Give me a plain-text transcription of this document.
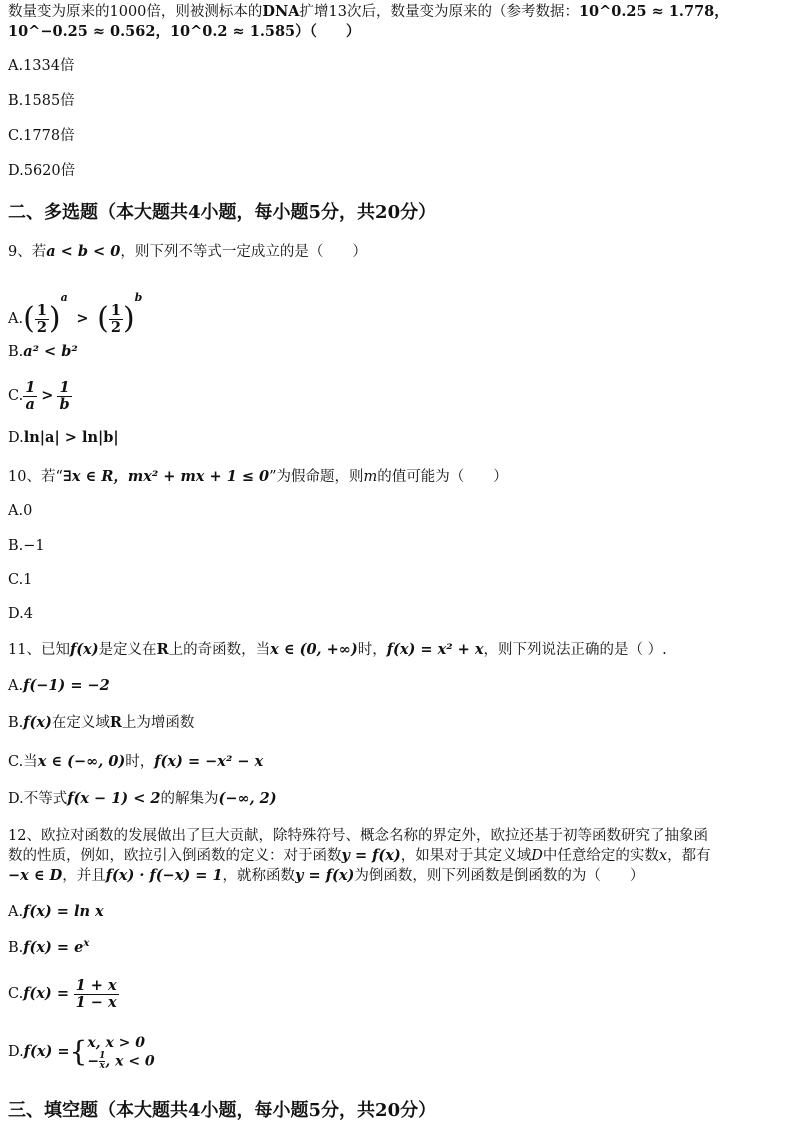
数量变为原来的1000倍，则被测标本的DNA扩增13次后，数量变为原来的（参考数据：10^0.25 ≈ 1.778，
10^−0.25 ≈ 0.562，10^0.2 ≈ 1.585）（　　）
A.1334倍
B.1585倍
C.1778倍
D.5620倍
二、多选题（本大题共4小题，每小题5分，共20分）
9、若a < b < 0，则下列不等式一定成立的是（　　）
$A.( \frac{1}{2} )^a$ > ( $\frac{1}{2} )^b$
B.a² < b²
C. $\frac{1}{a} > \frac{1}{b}$
D.ln|a| > ln|b|
10、若“∃x ∈ R，mx² + mx + 1 ≤ 0”为假命题，则m的值可能为（　　）
A.0
B.−1
C.1
D.4
11、已知f(x)是定义在R上的奇函数，当x ∈ (0, +∞)时，f(x) = x² + x，则下列说法正确的是（ ）.
A.f(−1) = −2
B.f(x)在定义域R上为增函数
C.当x ∈ (−∞, 0)时，f(x) = −x² − x
D.不等式f(x − 1) < 2的解集为(−∞, 2)
12、欧拉对函数的发展做出了巨大贡献，除特殊符号、概念名称的界定外，欧拉还基于初等函数研究了抽象函
数的性质，例如，欧拉引入倒函数的定义：对于函数y = f(x)，如果对于其定义域D中任意给定的实数x，都有
−x ∈ D，并且f(x) · f(−x) = 1，就称函数y = f(x)为倒函数，则下列函数是倒函数的为（　　）
A.f(x) = ln x
$B.f(x) = e^x$
$C.f(x) = \frac{1 + x}{1 - x}$
D.f(x) ={ x, x > 0
− $\frac{1}{x}$, x < 0
三、填空题（本大题共4小题，每小题5分，共20分）
